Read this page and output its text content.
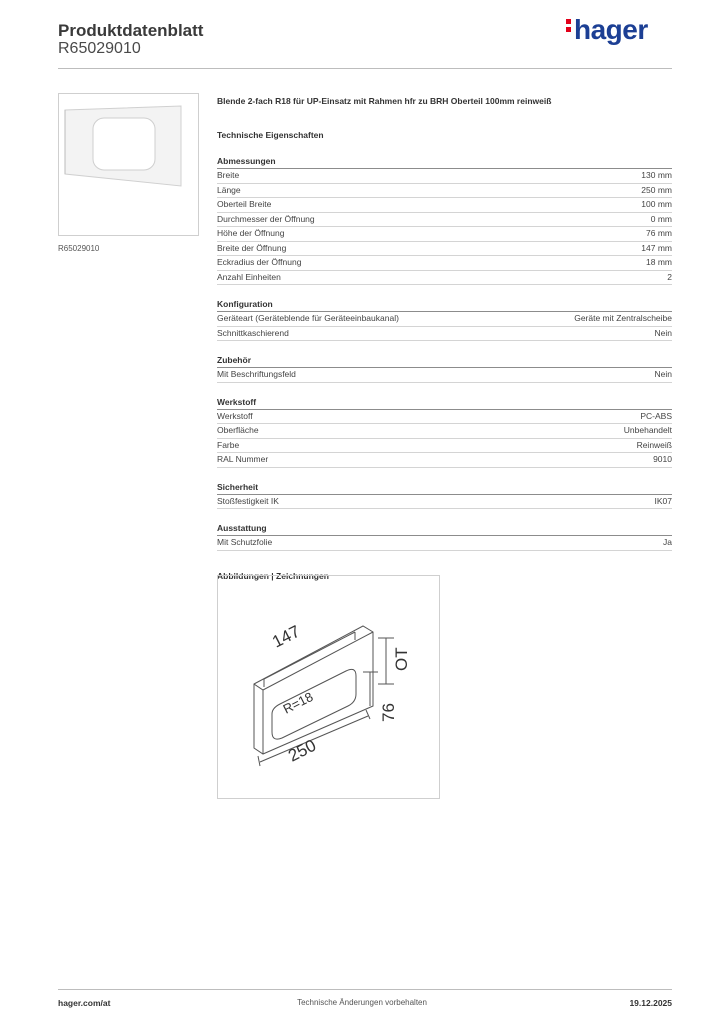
Produktdatenblatt
R65029010
hager
R65029010
Blende 2-fach R18 für UP-Einsatz mit Rahmen hfr zu BRH Oberteil 100mm reinweiß
Technische Eigenschaften
Abmessungen
Breite	130 mm
Länge	250 mm
Oberteil Breite	100 mm
Durchmesser der Öffnung	0 mm
Höhe der Öffnung	76 mm
Breite der Öffnung	147 mm
Eckradius der Öffnung	18 mm
Anzahl Einheiten	2
Konfiguration
Geräteart (Geräteblende für Geräteeinbaukanal)	Geräte mit Zentralscheibe
Schnittkaschierend	Nein
Zubehör
Mit Beschriftungsfeld	Nein
Werkstoff
Werkstoff	PC-ABS
Oberfläche	Unbehandelt
Farbe	Reinweiß
RAL Nummer	9010
Sicherheit
Stoßfestigkeit IK	IK07
Ausstattung
Mit Schutzfolie	Ja
Abbildungen | Zeichnungen
147
R=18
250
OT
76
hager.com/at	Technische Änderungen vorbehalten	19.12.2025
